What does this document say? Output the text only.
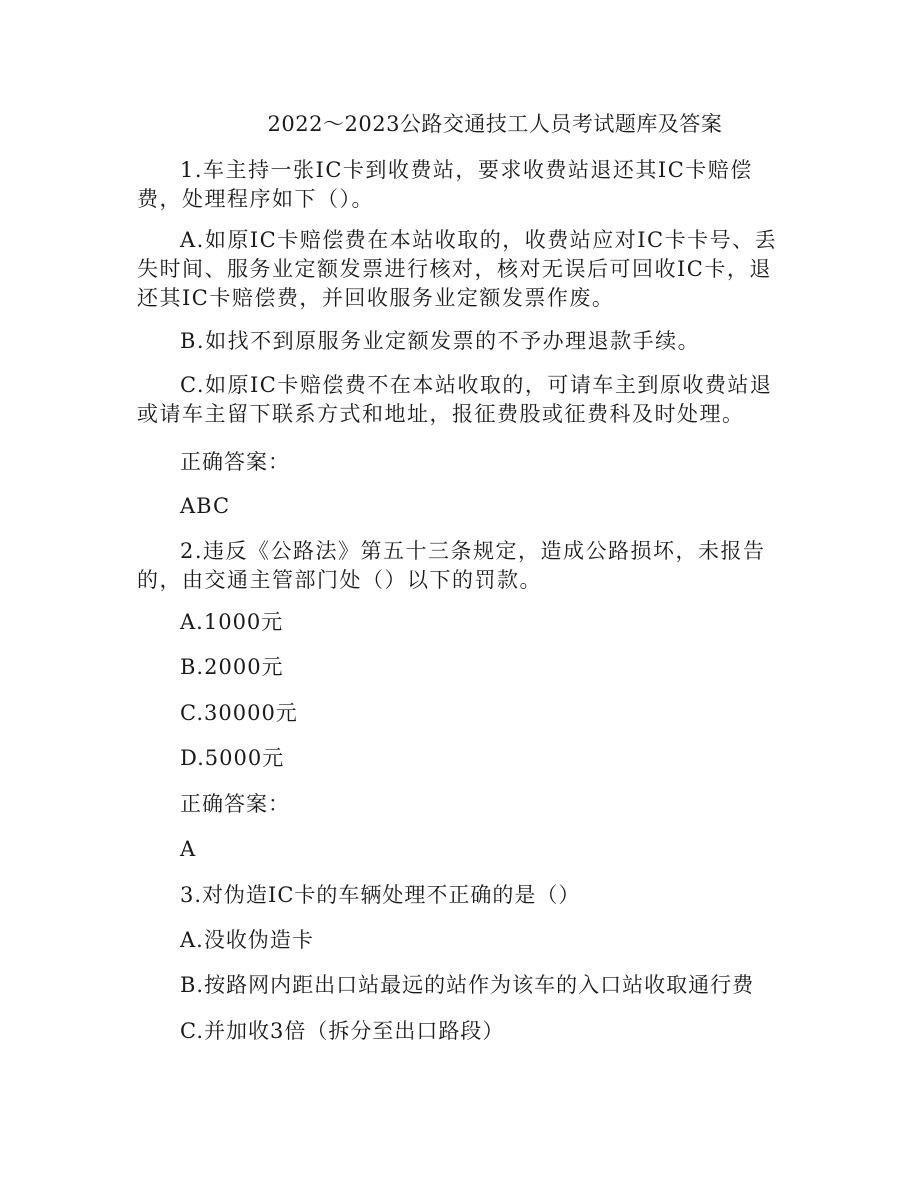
2022～2023公路交通技工人员考试题库及答案

1.车主持一张IC卡到收费站，要求收费站退还其IC卡赔偿费，处理程序如下（）。

A.如原IC卡赔偿费在本站收取的，收费站应对IC卡卡号、丢失时间、服务业定额发票进行核对，核对无误后可回收IC卡，退还其IC卡赔偿费，并回收服务业定额发票作废。

B.如找不到原服务业定额发票的不予办理退款手续。

C.如原IC卡赔偿费不在本站收取的，可请车主到原收费站退或请车主留下联系方式和地址，报征费股或征费科及时处理。

正确答案：

ABC

2.违反《公路法》第五十三条规定，造成公路损坏，未报告的，由交通主管部门处（）以下的罚款。

A.1000元

B.2000元

C.30000元

D.5000元

正确答案：

A

3.对伪造IC卡的车辆处理不正确的是（）

A.没收伪造卡

B.按路网内距出口站最远的站作为该车的入口站收取通行费

C.并加收3倍（拆分至出口路段）
